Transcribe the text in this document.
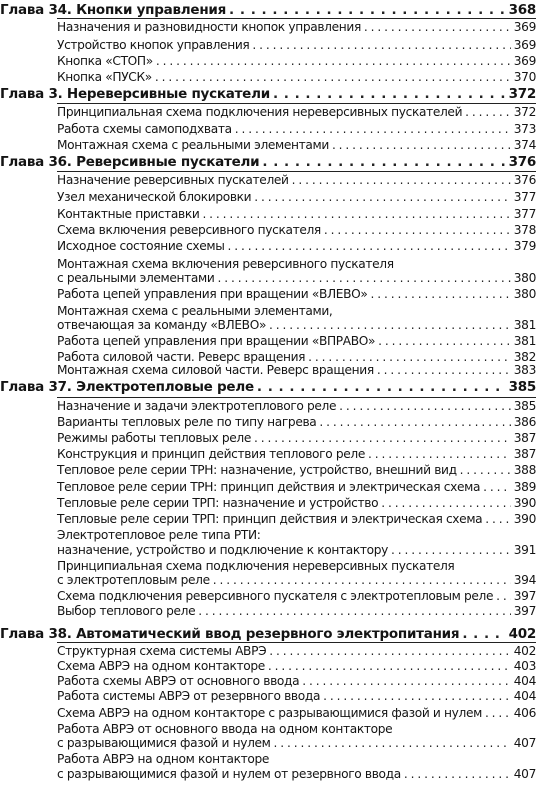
Глава 34. Кнопки управления . . .	368
Назначения и разновидности кнопок управления . . .	369
Устройство кнопок управления . . .	369
Кнопка «СТОП» . . .	369
Кнопка «ПУСК» . . .	370
Глава 3. Нереверсивные пускатели . . .	372
Принципиальная схема подключения нереверсивных пускателей . . .	372
Работа схемы самоподхвата . . .	373
Монтажная схема с реальными элементами . . .	374
Глава 36. Реверсивные пускатели . . .	376
Назначение реверсивных пускателей . . .	376
Узел механической блокировки . . .	377
Контактные приставки . . .	377
Схема включения реверсивного пускателя . . .	378
Исходное состояние схемы . . .	379
Монтажная схема включения реверсивного пускателя
с реальными элементами . . .	380
Работа цепей управления при вращении «ВЛЕВО» . . .	380
Монтажная схема с реальными элементами,
отвечающая за команду «ВЛЕВО» . . .	381
Работа цепей управления при вращении «ВПРАВО» . . .	381
Работа силовой части. Реверс вращения . . .	382
Монтажная схема силовой части. Реверс вращения . . .	383
Глава 37. Электротепловые реле . . .	385
Назначение и задачи электротеплового реле . . .	385
Варианты тепловых реле по типу нагрева . . .	386
Режимы работы тепловых реле . . .	387
Конструкция и принцип действия теплового реле . . .	387
Тепловое реле серии ТРН: назначение, устройство, внешний вид . . .	388
Тепловое реле серии ТРН: принцип действия и электрическая схема . . .	389
Тепловые реле серии ТРП: назначение и устройство . . .	390
Тепловые реле серии ТРП: принцип действия и электрическая схема . . .	390
Электротепловое реле типа РТИ:
назначение, устройство и подключение к контактору . . .	391
Принципиальная схема подключения нереверсивных пускателя
с электротепловым реле . . .	394
Схема подключения реверсивного пускателя с электротепловым реле . . . 397
Выбор теплового реле . . .	397
Глава 38. Автоматический ввод резервного электропитания . . .	402
Структурная схема системы АВРЭ . . .	402
Схема АВРЭ на одном контакторе . . .	403
Работа схемы АВРЭ от основного ввода . . .	404
Работа системы АВРЭ от резервного ввода . . .	404
Схема АВРЭ на одном контакторе с разрывающимися фазой и нулем . . .	406
Работа АВРЭ от основного ввода на одном контакторе
с разрывающимися фазой и нулем . . .	407
Работа АВРЭ на одном контакторе
с разрывающимися фазой и нулем от резервного ввода . . .	407
